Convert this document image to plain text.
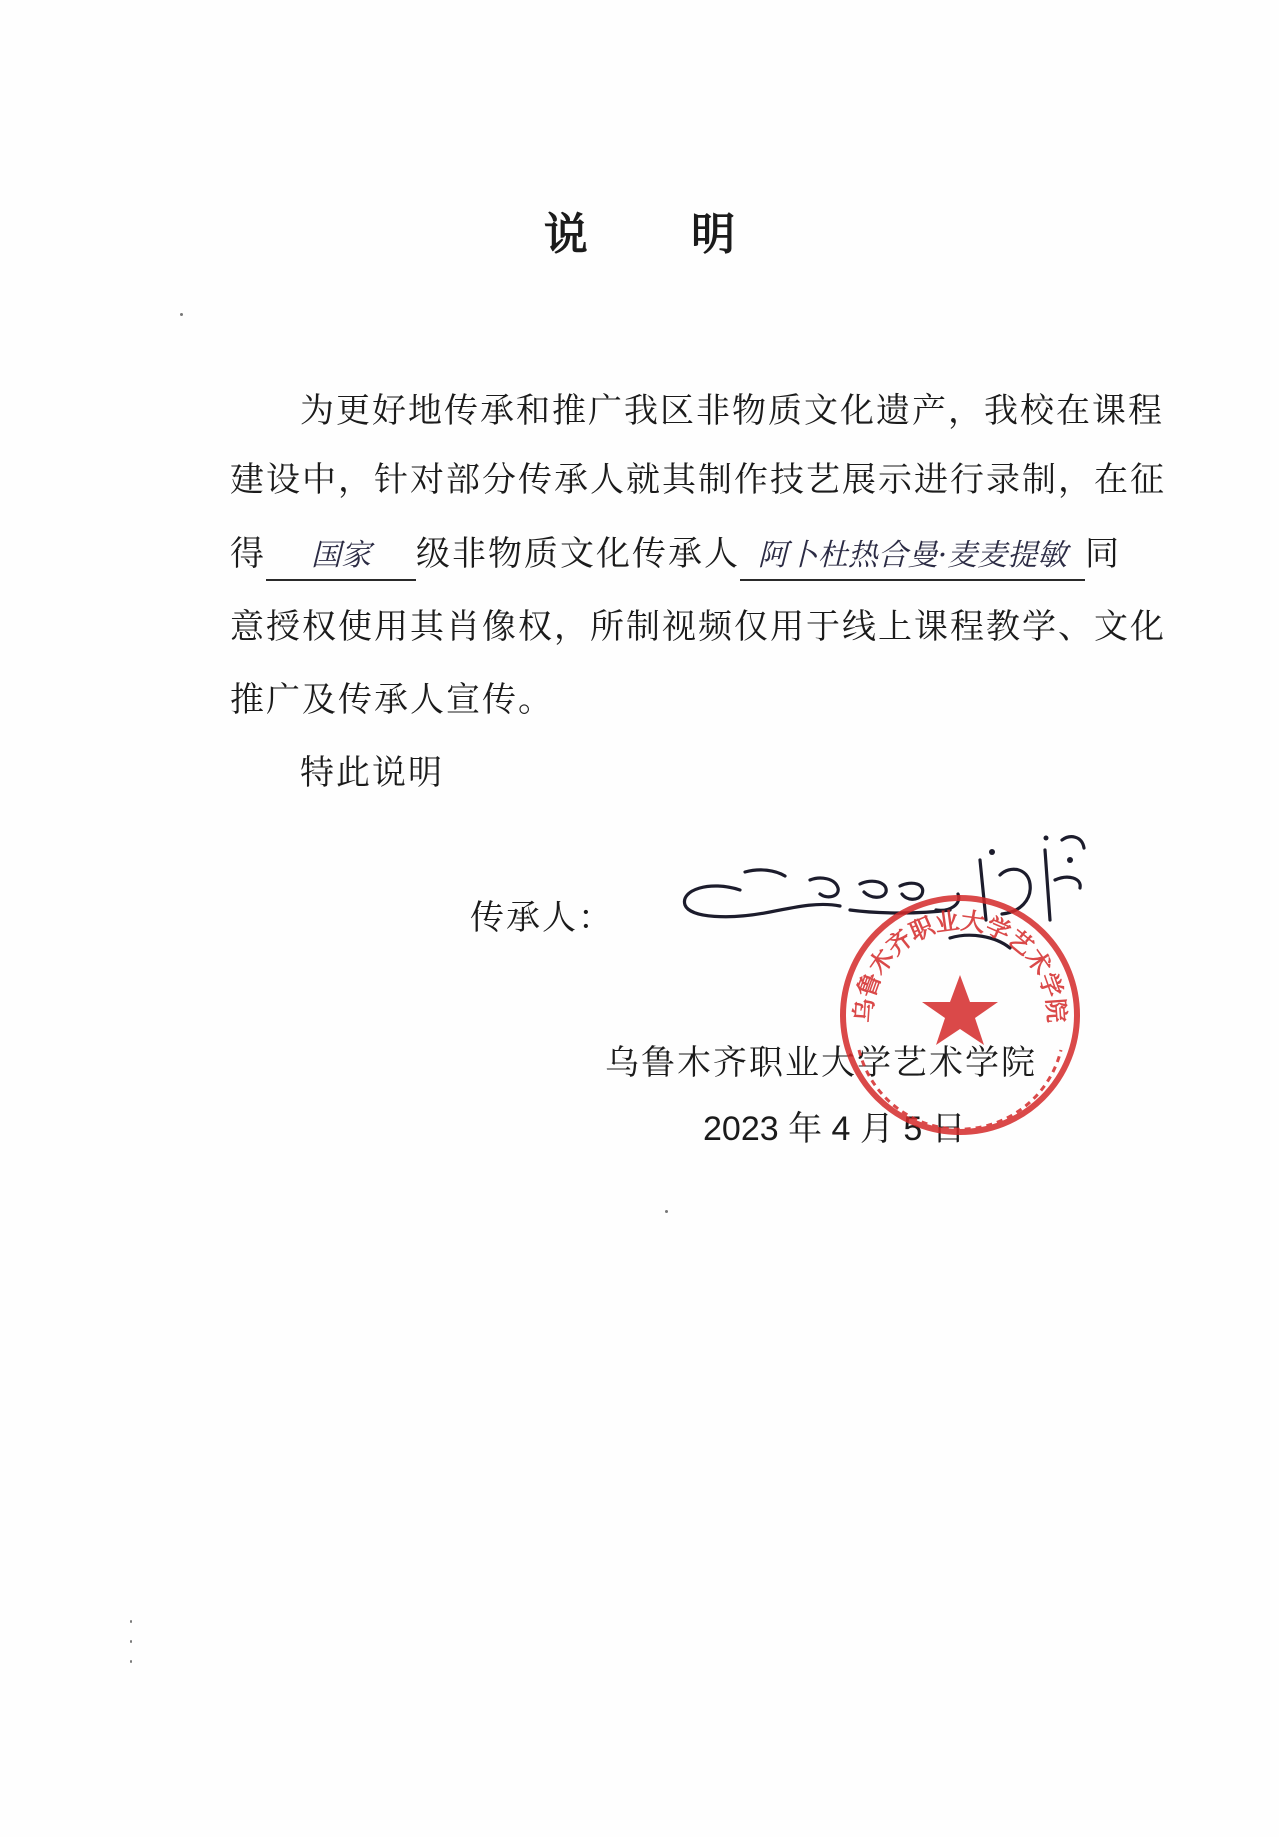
说 明
为更好地传承和推广我区非物质文化遗产，我校在课程
建设中，针对部分传承人就其制作技艺展示进行录制，在征
得 国家 级非物质文化传承人 阿卜杜热合曼·麦麦提敏 同
意授权使用其肖像权，所制视频仅用于线上课程教学、文化
推广及传承人宣传。
特此说明
传承人：
乌鲁木齐职业大学艺术学院
2023 年 4 月 5 日
乌鲁木齐职业大学艺术学院
